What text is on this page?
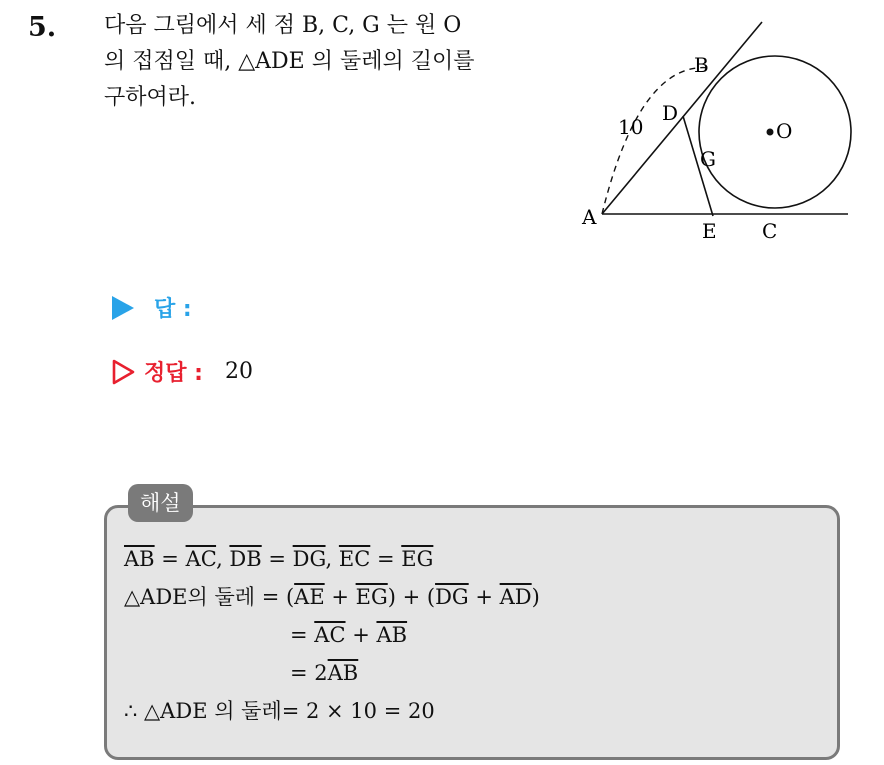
5. 다음 그림에서 세 점 B, C, G 는 원 O
의 접점일 때, △ADE 의 둘레의 길이를
구하여라.
A
B
C
D
E
G
O
10
답 :
정답 : 20
해설
$\overline{AB} = \overline{AC}$, $\overline{DB} = \overline{DG}$, $\overline{EC} = \overline{EG}$
△ADE의 둘레 = $(\overline{AE} + \overline{EG}) + (\overline{DG} + \overline{AD})$
= $\overline{AC} + \overline{AB}$
= $2\overline{AB}$
∴ △ADE 의 둘레= 2 × 10 = 20
